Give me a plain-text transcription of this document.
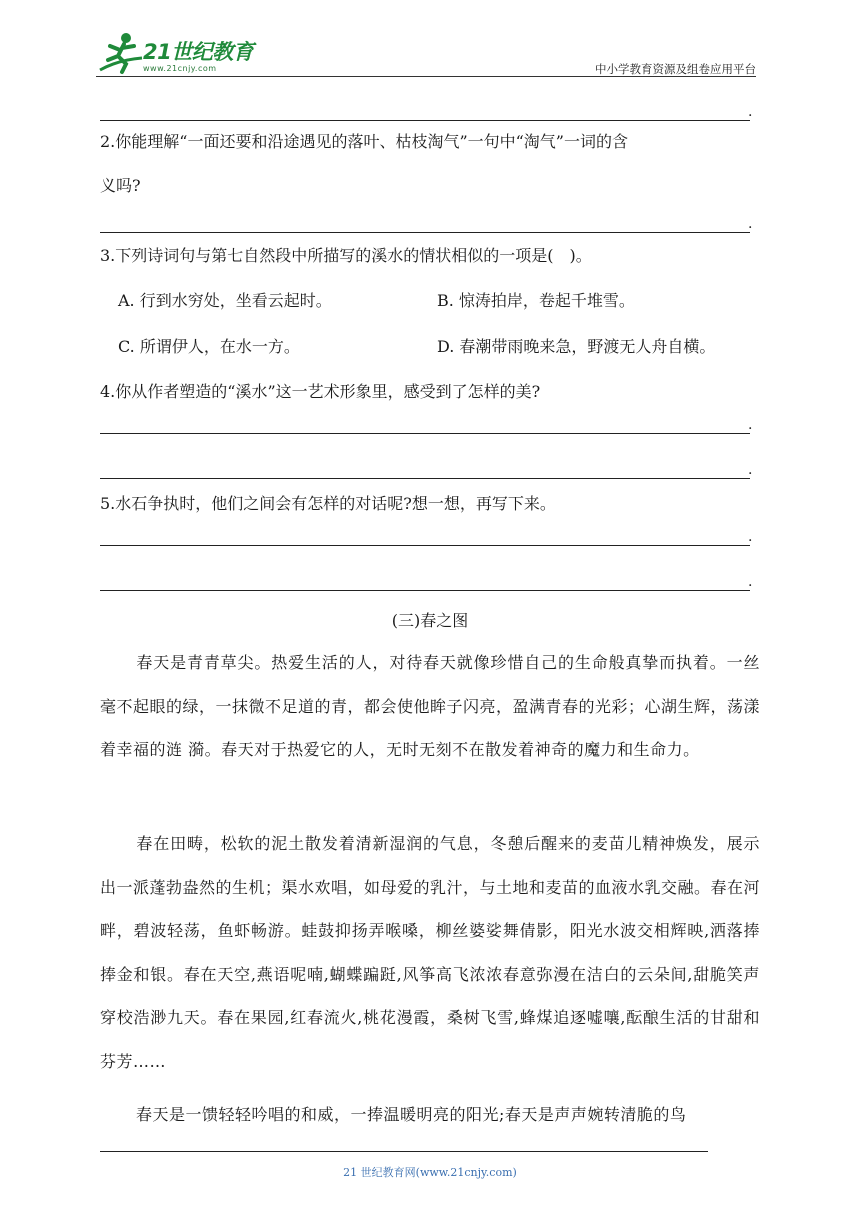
21世纪教育
www.21cnjy.com	中小学教育资源及组卷应用平台
.
2.你能理解“一面还要和沿途遇见的落叶、枯枝淘气”一句中“淘气”一词的含
义吗?
.
3.下列诗词句与第七自然段中所描写的溪水的情状相似的一项是(　)。
A. 行到水穷处，坐看云起时。	B. 惊涛拍岸，卷起千堆雪。
C. 所谓伊人，在水一方。	D. 春潮带雨晚来急，野渡无人舟自横。
4.你从作者塑造的“溪水”这一艺术形象里，感受到了怎样的美?
.
.
5.水石争执时，他们之间会有怎样的对话呢?想一想，再写下来。
.
.
(三)春之图
春天是青青草尖。热爱生活的人，对待春天就像珍惜自己的生命般真挚而执着。一丝毫不起眼的绿，一抹微不足道的青，都会使他眸子闪亮，盈满青春的光彩；心湖生辉，荡漾着幸福的涟 漪。春天对于热爱它的人，无时无刻不在散发着神奇的魔力和生命力。
春在田畴，松软的泥土散发着清新湿润的气息，冬憩后醒来的麦苗儿精神焕发，展示出一派蓬勃盎然的生机；渠水欢唱，如母爱的乳汁，与土地和麦苗的血液水乳交融。春在河畔，碧波轻荡，鱼虾畅游。蛙鼓抑扬弄喉嗓，柳丝婆娑舞倩影，阳光水波交相辉映,洒落捧捧金和银。春在天空,燕语呢喃,蝴蝶蹁跹,风筝高飞浓浓春意弥漫在洁白的云朵间,甜脆笑声穿校浩渺九天。春在果园,红春流火,桃花漫霞，桑树飞雪,蜂煤追逐嘘嚷,酝酿生活的甘甜和芬芳……
春天是一馈轻轻吟唱的和威，一捧温暖明亮的阳光;春天是声声婉转清脆的鸟
21 世纪教育网(www.21cnjy.com)
